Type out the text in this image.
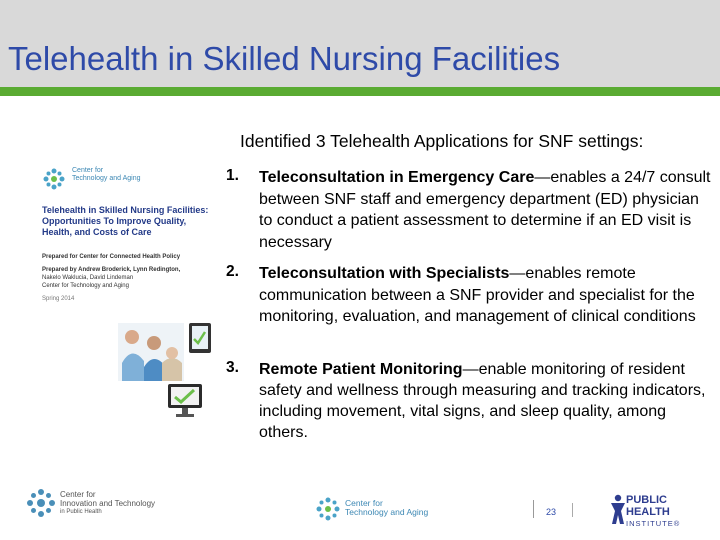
Telehealth in Skilled Nursing Facilities
Center for
Technology and Aging
Telehealth in Skilled Nursing Facilities: Opportunities To Improve Quality, Health, and Costs of Care
Prepared for Center for Connected Health Policy
Prepared by Andrew Broderick, Lynn Redington,
Nakelo Waklucia, David Lindeman
Center for Technology and Aging
Spring 2014
Identified 3 Telehealth Applications for SNF settings:
1. Teleconsultation in Emergency Care—enables a 24/7 consult between SNF staff and emergency department (ED) physician to conduct a patient assessment to determine if an ED visit is necessary
2. Teleconsultation with Specialists—enables remote communication between a SNF provider and specialist for the monitoring, evaluation, and management of clinical conditions
3. Remote Patient Monitoring—enable monitoring of resident safety and wellness through measuring and tracking indicators, including movement, vital signs, and sleep quality, among others.
Center for
Innovation and Technology
in Public Health
Center for
Technology and Aging	23
PUBLIC
HEALTH
INSTITUTE®
